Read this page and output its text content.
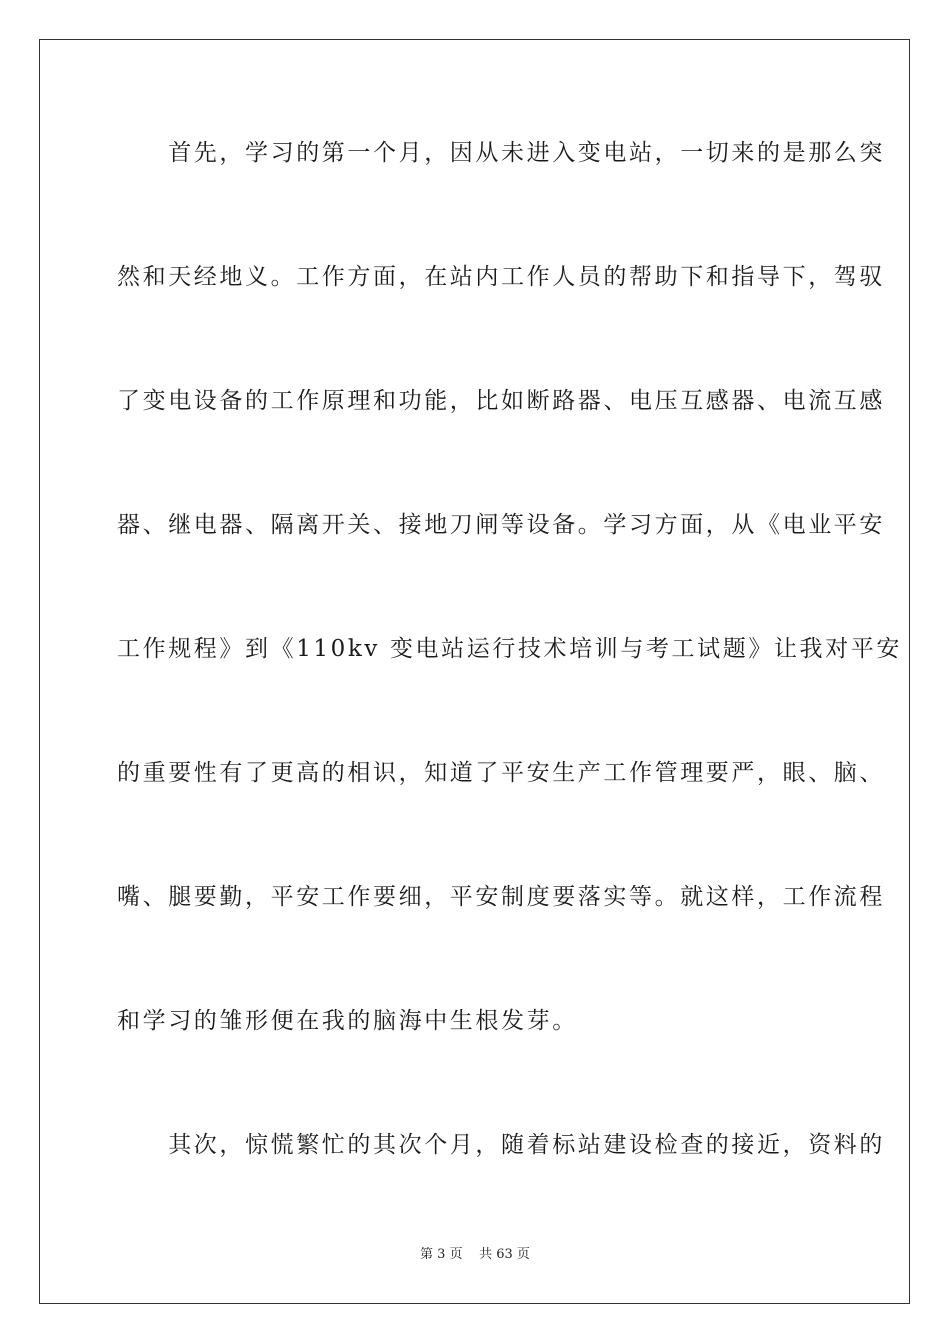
　　首先，学习的第一个月，因从未进入变电站，一切来的是那么突
然和天经地义。工作方面，在站内工作人员的帮助下和指导下，驾驭
了变电设备的工作原理和功能，比如断路器、电压互感器、电流互感
器、继电器、隔离开关、接地刀闸等设备。学习方面，从《电业平安
工作规程》到《110kv 变电站运行技术培训与考工试题》让我对平安
的重要性有了更高的相识，知道了平安生产工作管理要严，眼、脑、
嘴、腿要勤，平安工作要细，平安制度要落实等。就这样，工作流程
和学习的雏形便在我的脑海中生根发芽。
　　其次，惊慌繁忙的其次个月，随着标站建设检查的接近，资料的
第 3 页 共 63 页
